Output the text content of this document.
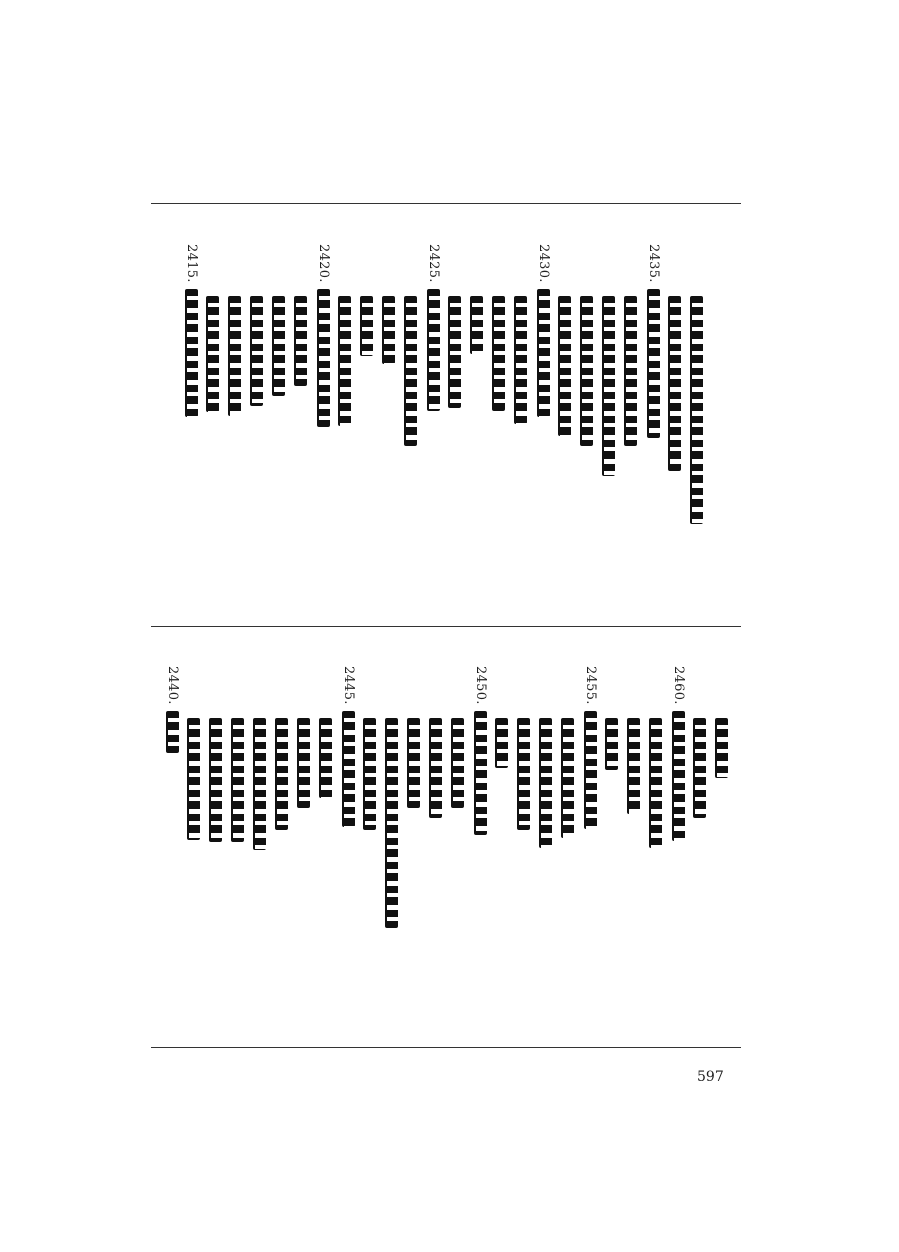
2435.
2430.
2425.
2420.
2415.
2460.
2455.
2450.
2445.
2440.
597
